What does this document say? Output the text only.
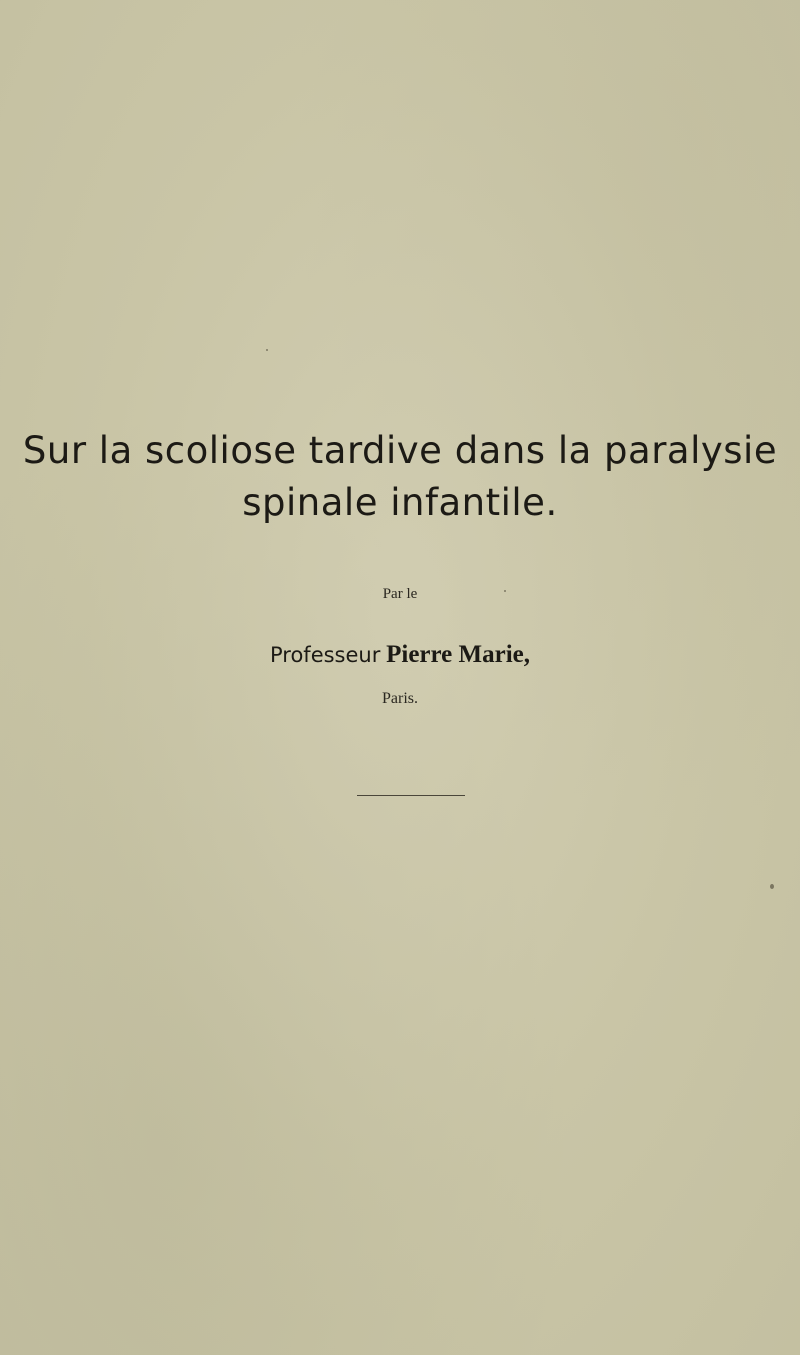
Sur la scoliose tardive dans la paralysie
spinale infantile.
Par le
Professeur Pierre Marie,
Paris.
